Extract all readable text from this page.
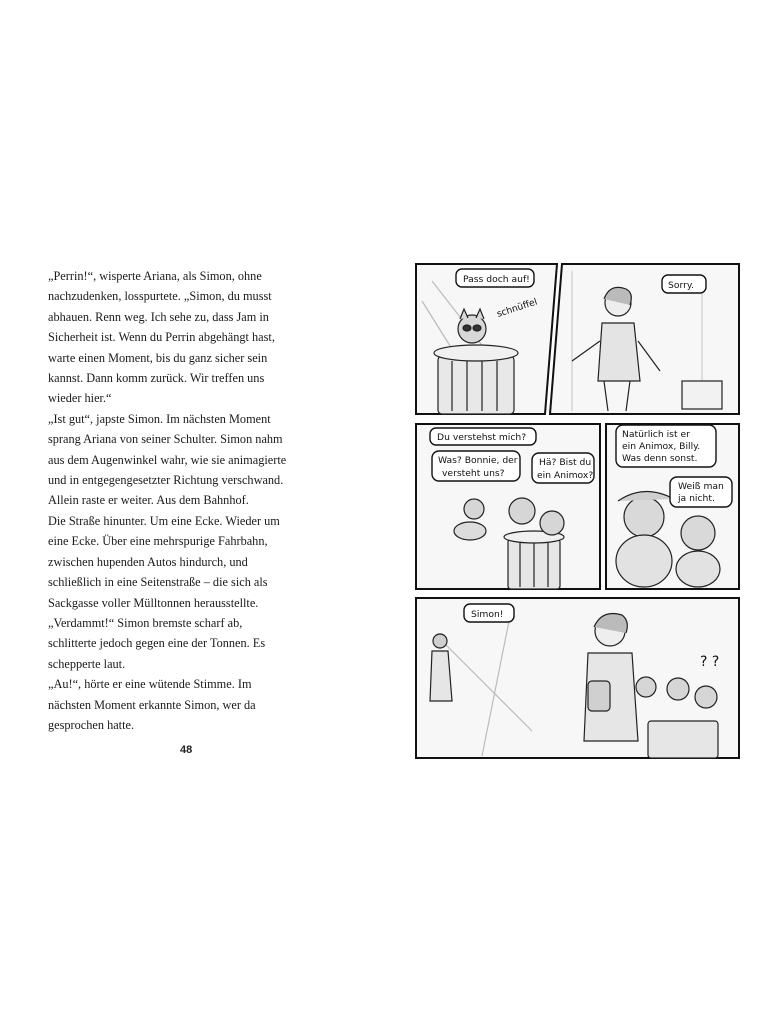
„Perrin!“, wisperte Ariana, als Simon, ohne

nachzudenken, losspurtete. „Simon, du musst

abhauen. Renn weg. Ich sehe zu, dass Jam in

Sicherheit ist. Wenn du Perrin abgehängt hast,

warte einen Moment, bis du ganz sicher sein

kannst. Dann komm zurück. Wir treffen uns

wieder hier.“

„Ist gut“, japste Simon. Im nächsten Moment

sprang Ariana von seiner Schulter. Simon nahm

aus dem Augenwinkel wahr, wie sie animagierte

und in entgegengesetzter Richtung verschwand.

Allein raste er weiter. Aus dem Bahnhof.

Die Straße hinunter. Um eine Ecke. Wieder um

eine Ecke. Über eine mehrspurige Fahrbahn,

zwischen hupenden Autos hindurch, und

schließlich in eine Seitenstraße – die sich als

Sackgasse voller Mülltonnen herausstellte.

„Verdammt!“ Simon bremste scharf ab,

schlitterte jedoch gegen eine der Tonnen. Es

schepperte laut.

„Au!“, hörte er eine wütende Stimme. Im

nächsten Moment erkannte Simon, wer da

gesprochen hatte.

48
Pass doch auf!
schnüffel
Sorry.
Du verstehst mich?
Was? Bonnie, der
versteht uns?
Hä? Bist du
ein Animox?
Natürlich ist er
ein Animox, Billy.
Was denn sonst.
Weiß man
ja nicht.
Simon!
? ?
